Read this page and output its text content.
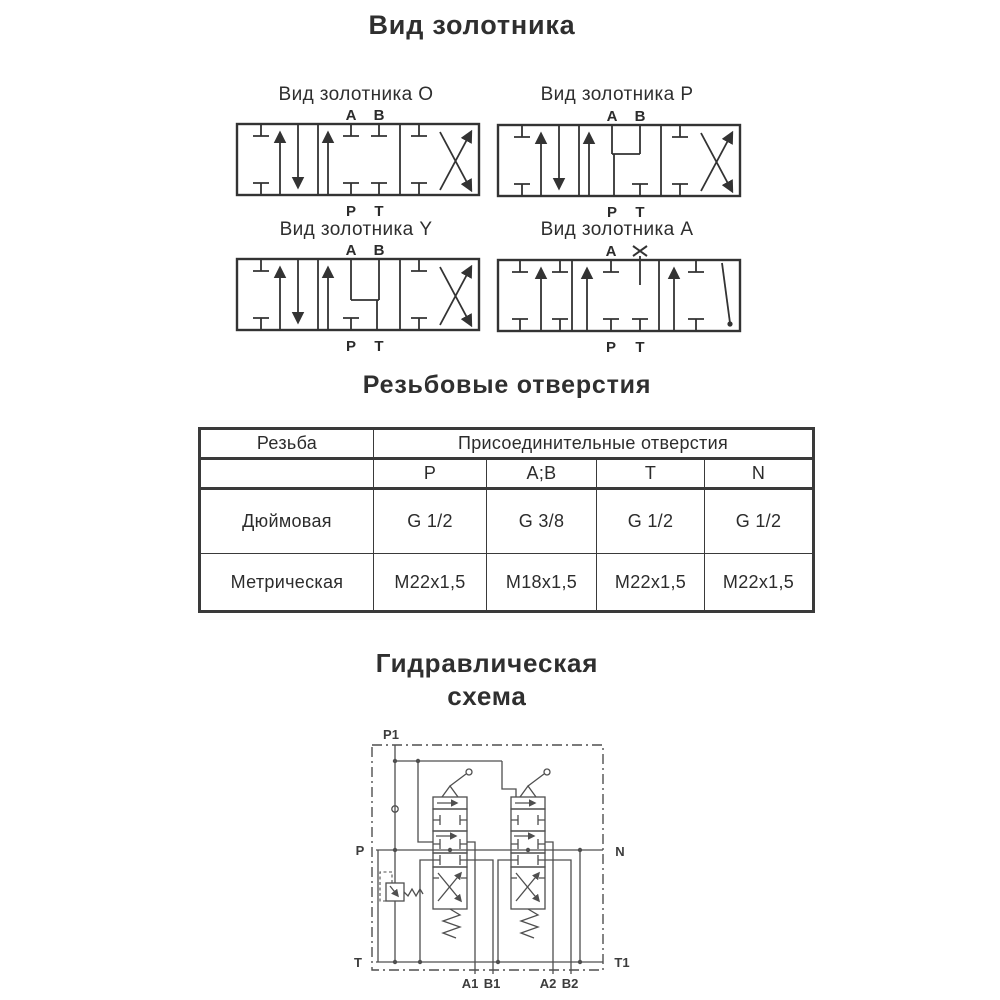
Вид золотника
Вид золотника О
A B
P T
Вид золотника Р
A B
P T
Вид золотника Y
A B
P T
Вид золотника А
A
P T
Резьбовые отверстия
Резьба	Присоединительные отверстия			
	P	A;B	T	N
Дюймовая	G 1/2	G 3/8	G 1/2	G 1/2
Метрическая	М22х1,5	М18х1,5	М22х1,5	М22х1,5
Гидравлическая
схема
P1
P	N
T	T1
A1 B1	A2 B2
